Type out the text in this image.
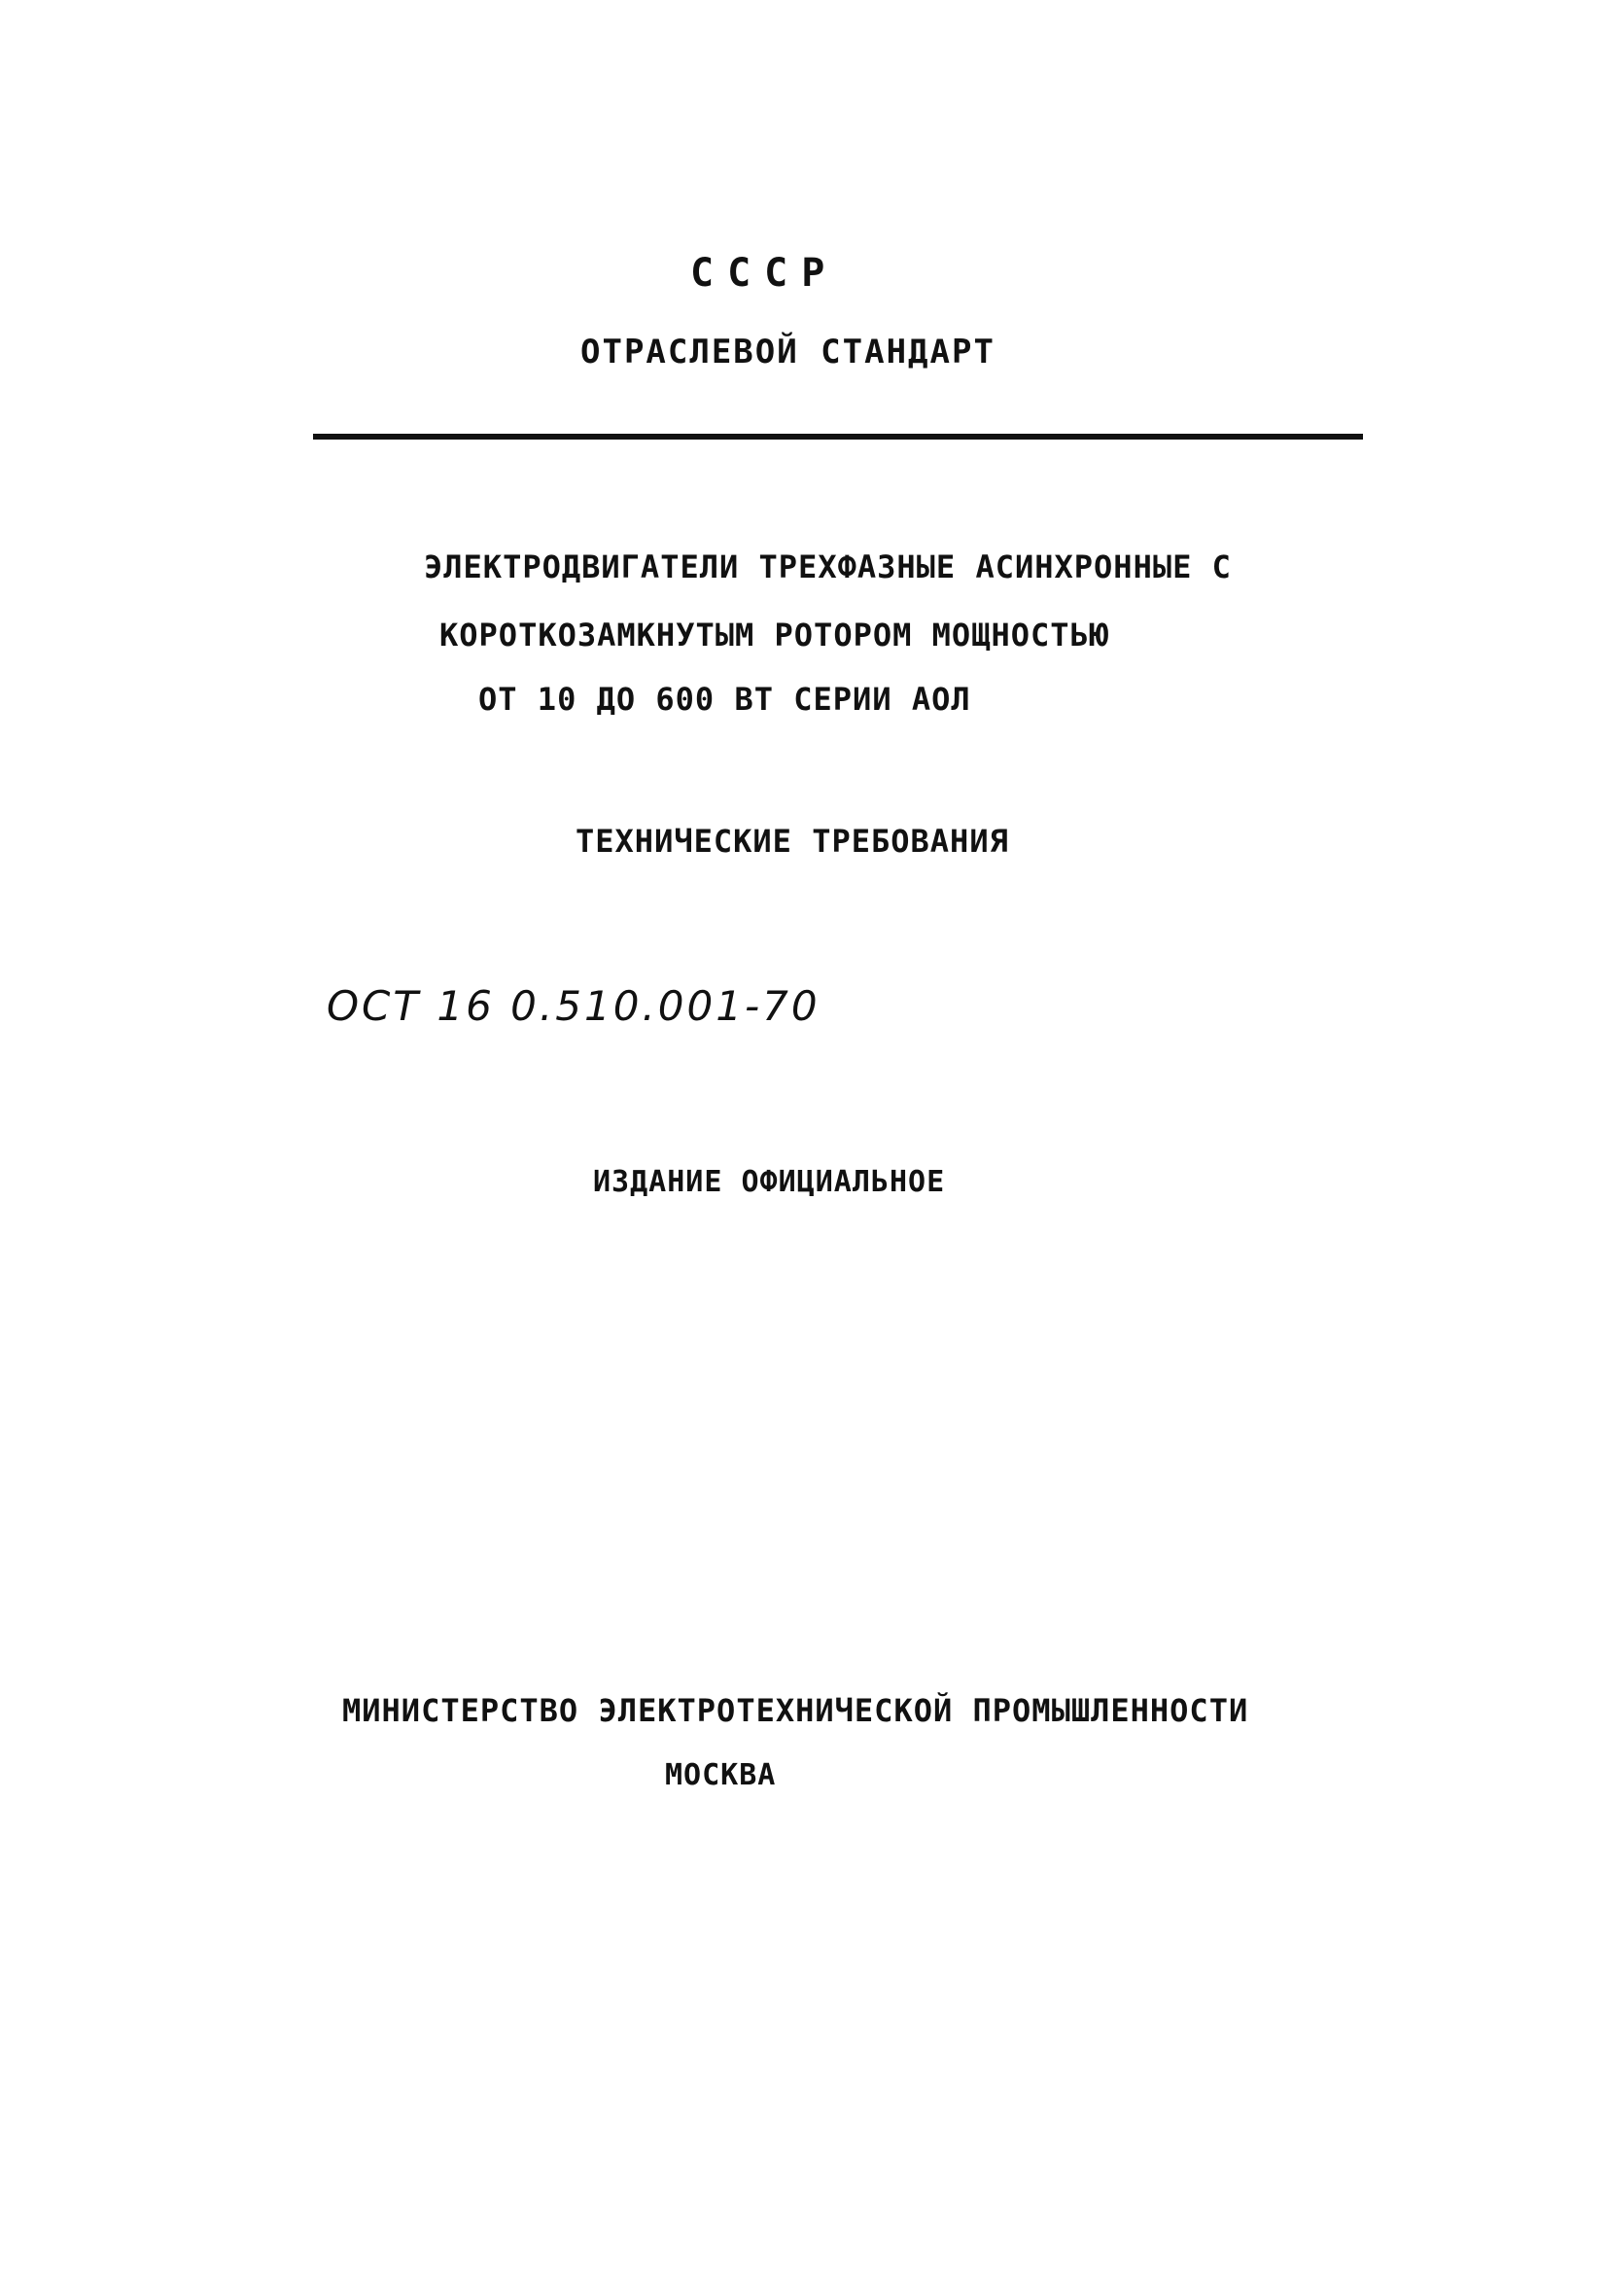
СССР
ОТРАСЛЕВОЙ СТАНДАРТ
ЭЛЕКТРОДВИГАТЕЛИ ТРЕХФАЗНЫЕ АСИНХРОННЫЕ С
КОРОТКОЗАМКНУТЫМ РОТОРОМ МОЩНОСТЬЮ
ОТ 10 ДО 600 ВТ СЕРИИ АОЛ
ТЕХНИЧЕСКИЕ ТРЕБОВАНИЯ
ОСТ 16 0.510.001-70
ИЗДАНИЕ ОФИЦИАЛЬНОЕ
МИНИСТЕРСТВО ЭЛЕКТРОТЕХНИЧЕСКОЙ ПРОМЫШЛЕННОСТИ
МОСКВА
